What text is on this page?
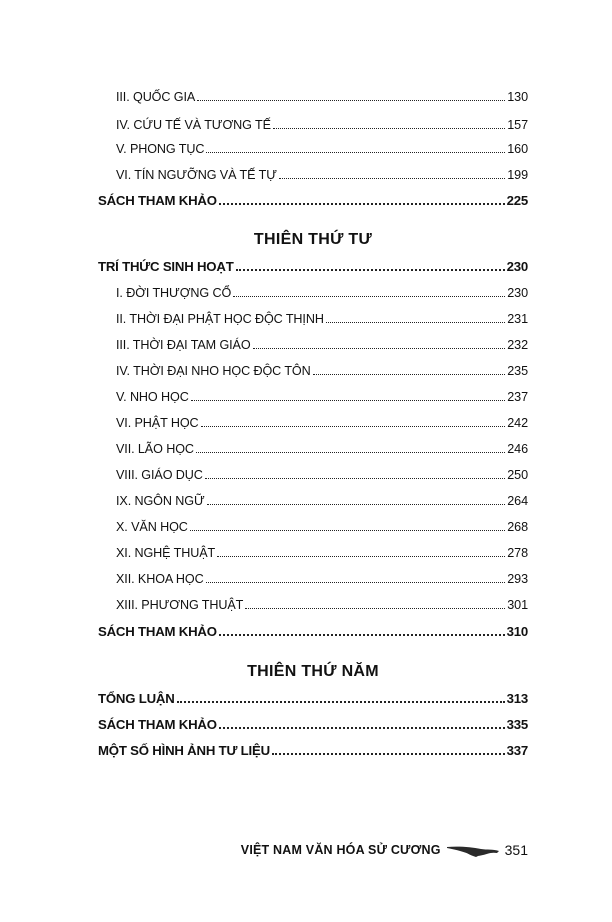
III. QUỐC GIA	130
IV. CỨU TẾ VÀ TƯƠNG TẾ	157
V. PHONG TỤC	160
VI. TÍN NGƯỠNG VÀ TẾ TỰ	199
SÁCH THAM KHẢO	225
THIÊN THỨ TƯ
TRÍ THỨC SINH HOẠT	230
I. ĐỜI THƯỢNG CỔ	230
II. THỜI ĐẠI PHẬT HỌC ĐỘC THỊNH	231
III. THỜI ĐẠI TAM GIÁO	232
IV. THỜI ĐẠI NHO HỌC ĐỘC TÔN	235
V. NHO HỌC	237
VI. PHẬT HỌC	242
VII. LÃO HỌC	246
VIII. GIÁO DỤC	250
IX. NGÔN NGỮ	264
X. VĂN HỌC	268
XI. NGHỆ THUẬT	278
XII. KHOA HỌC	293
XIII. PHƯƠNG THUẬT	301
SÁCH THAM KHẢO	310
THIÊN THỨ NĂM
TỔNG LUẬN	313
SÁCH THAM KHẢO	335
MỘT SỐ HÌNH ẢNH TƯ LIỆU	337
VIỆT NAM VĂN HÓA SỬ CƯƠNG	351
